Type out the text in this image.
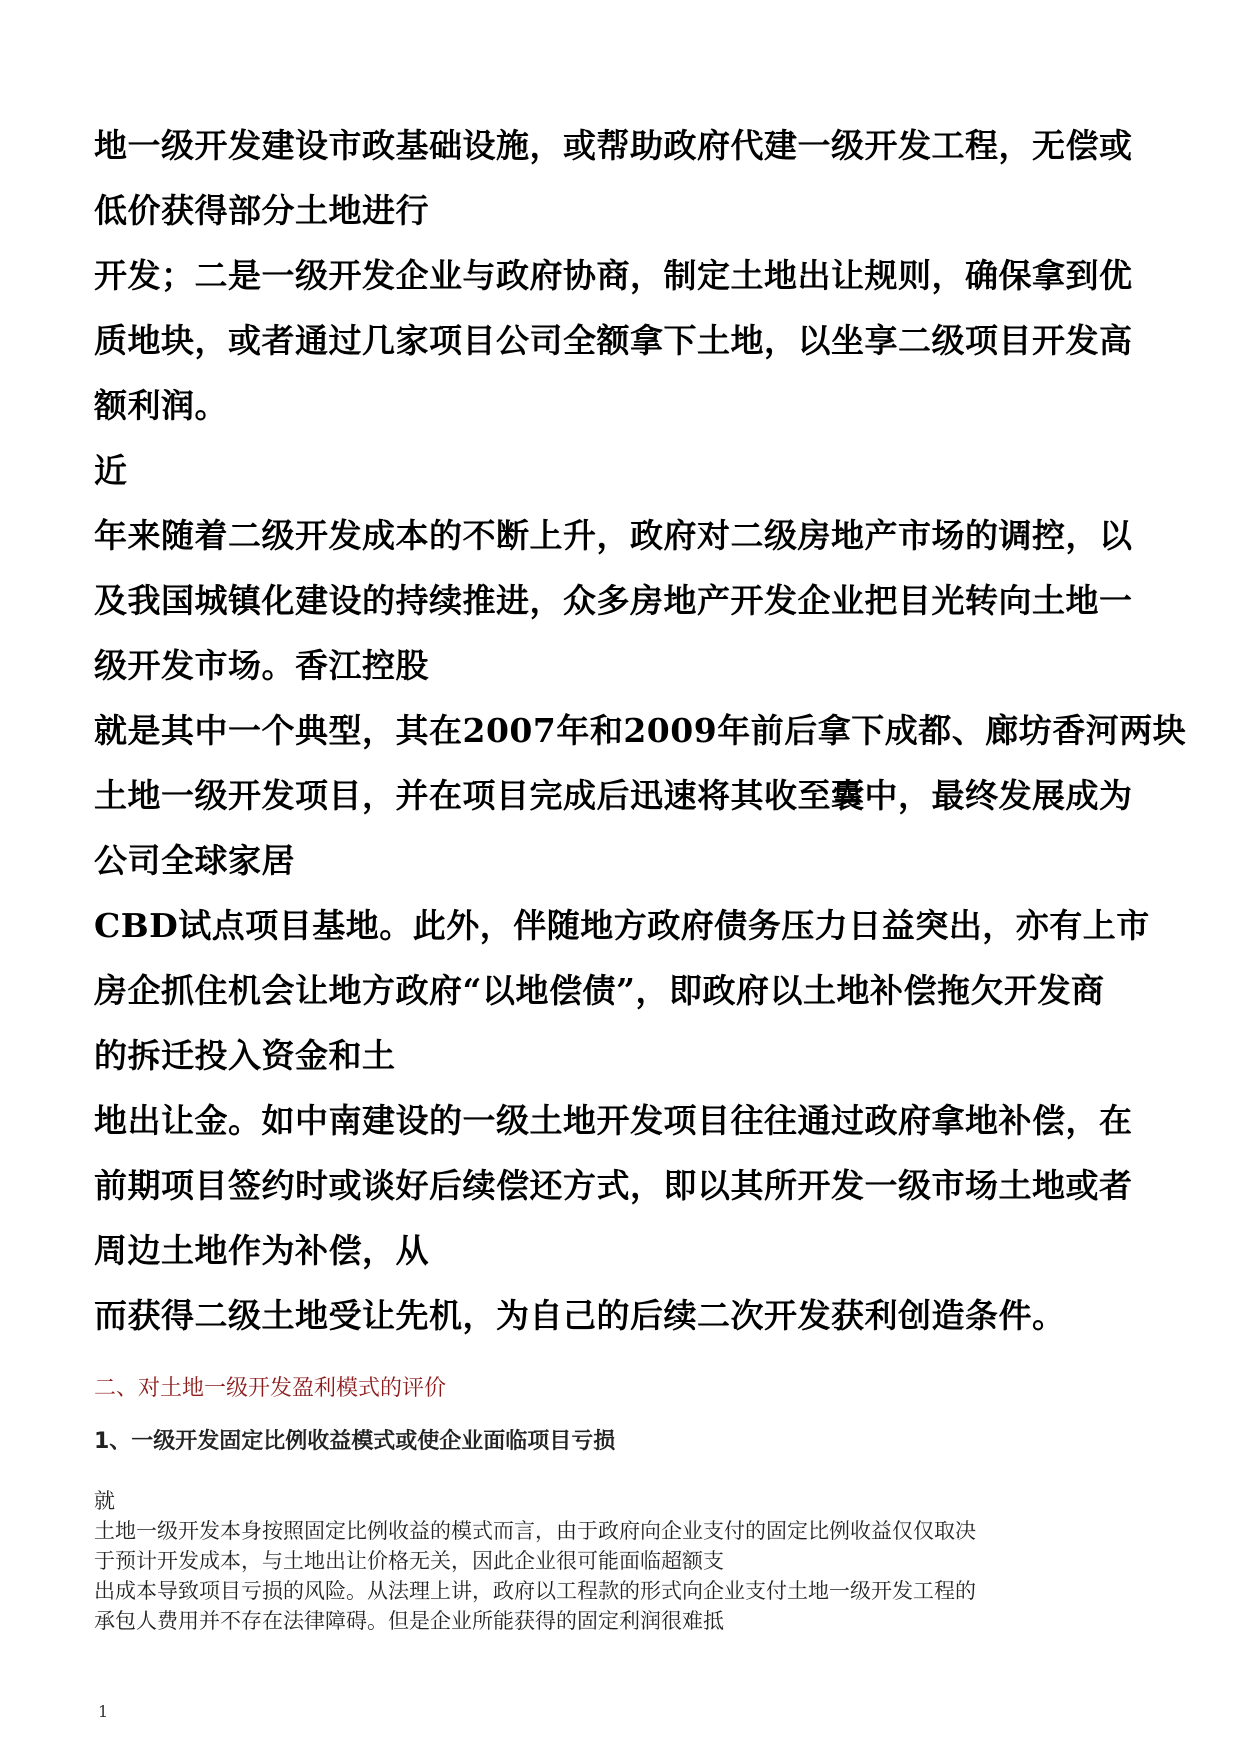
地一级开发建设市政基础设施，或帮助政府代建一级开发工程，无偿或
低价获得部分土地进行
开发；二是一级开发企业与政府协商，制定土地出让规则，确保拿到优
质地块，或者通过几家项目公司全额拿下土地，以坐享二级项目开发高
额利润。
近
年来随着二级开发成本的不断上升，政府对二级房地产市场的调控，以
及我国城镇化建设的持续推进，众多房地产开发企业把目光转向土地一
级开发市场。香江控股
就是其中一个典型，其在2007年和2009年前后拿下成都、廊坊香河两块
土地一级开发项目，并在项目完成后迅速将其收至囊中，最终发展成为
公司全球家居
CBD试点项目基地。此外，伴随地方政府债务压力日益突出，亦有上市
房企抓住机会让地方政府“以地偿债”，即政府以土地补偿拖欠开发商
的拆迁投入资金和土
地出让金。如中南建设的一级土地开发项目往往通过政府拿地补偿，在
前期项目签约时或谈好后续偿还方式，即以其所开发一级市场土地或者
周边土地作为补偿，从
而获得二级土地受让先机，为自己的后续二次开发获利创造条件。
二、对土地一级开发盈利模式的评价
1、一级开发固定比例收益模式或使企业面临项目亏损
就
土地一级开发本身按照固定比例收益的模式而言，由于政府向企业支付的固定比例收益仅仅取决
于预计开发成本，与土地出让价格无关，因此企业很可能面临超额支
出成本导致项目亏损的风险。从法理上讲，政府以工程款的形式向企业支付土地一级开发工程的
承包人费用并不存在法律障碍。但是企业所能获得的固定利润很难抵
1
